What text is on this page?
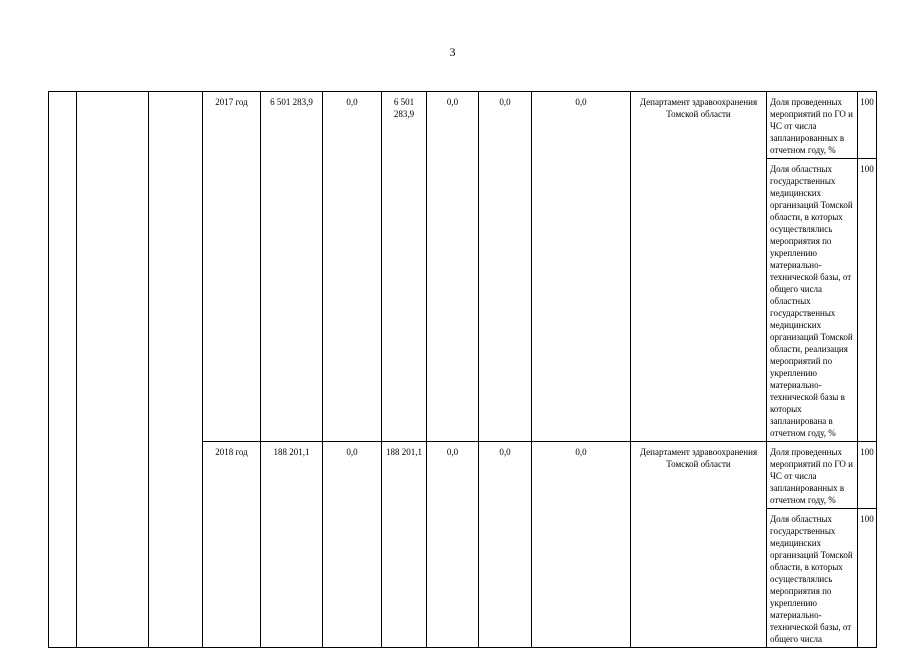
3
			2017 год	6 501 283,9	0,0	6 501 283,9	0,0	0,0	0,0	Департамент здравоохранения Томской области	Доля проведенных мероприятий по ГО и ЧС от числа запланированных в отчетном году, %	100
											Доля областных государственных медицинских организаций Томской области, в которых осуществлялись мероприятия по укреплению материально-технической базы, от общего числа областных государственных медицинских организаций Томской области, реализация мероприятий по укреплению материально-технической базы в которых запланирована в отчетном году, %	100
			2018 год	188 201,1	0,0	188 201,1	0,0	0,0	0,0	Департамент здравоохранения Томской области	Доля проведенных мероприятий по ГО и ЧС от числа запланированных в отчетном году, %	100
											Доля областных государственных медицинских организаций Томской области, в которых осуществлялись мероприятия по укреплению материально-технической базы, от общего числа	100
